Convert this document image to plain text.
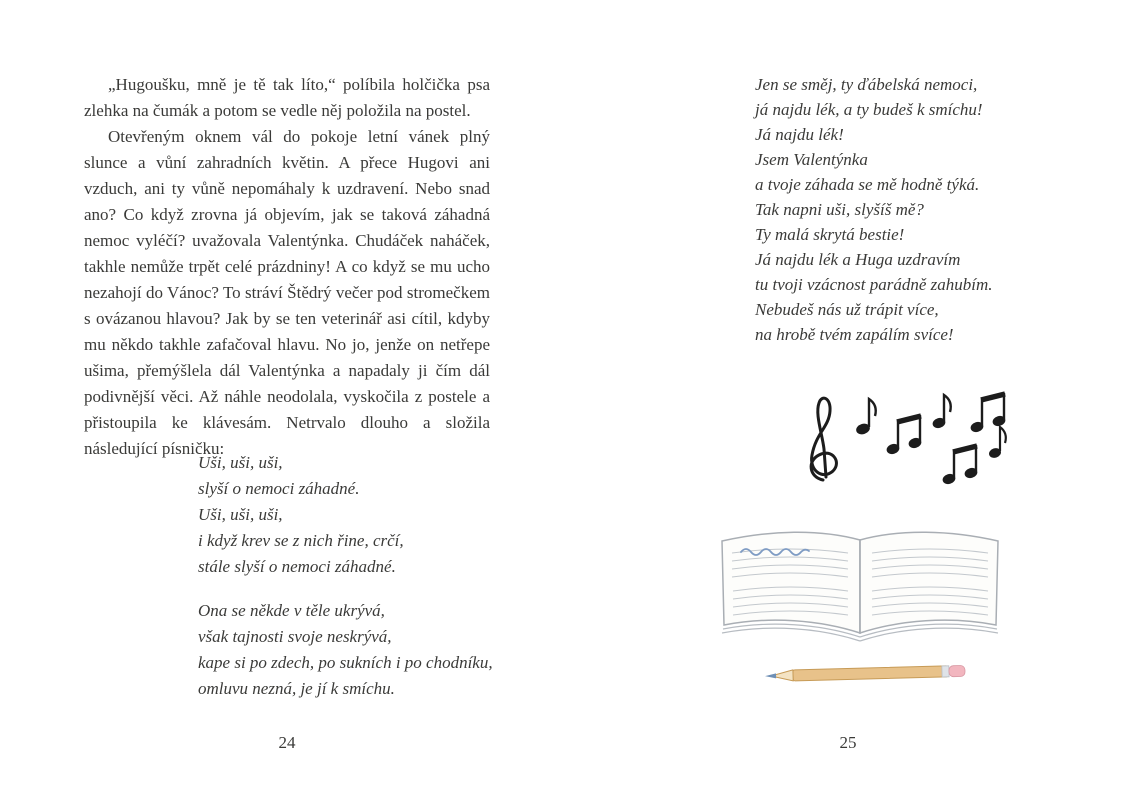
„Hugoušku, mně je tě tak líto,“ políbila holčička psa zlehka na čumák a potom se vedle něj položila na postel.

Otevřeným oknem vál do pokoje letní vánek plný slunce a vůní zahradních květin. A přece Hugovi ani vzduch, ani ty vůně nepomáhaly k uzdravení. Nebo snad ano? Co když zrovna já objevím, jak se taková záhadná nemoc vyléčí? uvažovala Valentýnka. Chudáček naháček, takhle nemůže trpět celé prázdniny! A co když se mu ucho nezahojí do Vánoc? To stráví Štědrý večer pod stromečkem s ovázanou hlavou? Jak by se ten veterinář asi cítil, kdyby mu někdo takhle zafačoval hlavu. No jo, jenže on netřepe ušima, přemýšlela dál Valentýnka a napadaly ji čím dál podivnější věci. Až náhle neodolala, vyskočila z postele a přistoupila ke klávesám. Netrvalo dlouho a složila následující písničku:

Uši, uši, uši,
slyší o nemoci záhadné.
Uši, uši, uši,
i když krev se z nich řine, crčí,
stále slyší o nemoci záhadné.
Ona se někde v těle ukrývá,
však tajnosti svoje neskrývá,
kape si po zdech, po sukních i po chodníku,
omluvu nezná, je jí k smíchu.
24
Jen se směj, ty ďábelská nemoci,
já najdu lék, a ty budeš k smíchu!
Já najdu lék!
Jsem Valentýnka
a tvoje záhada se mě hodně týká.
Tak napni uši, slyšíš mě?
Ty malá skrytá bestie!
Já najdu lék a Huga uzdravím
tu tvoji vzácnost parádně zahubím.
Nebudeš nás už trápit více,
na hrobě tvém zapálím svíce!
25
